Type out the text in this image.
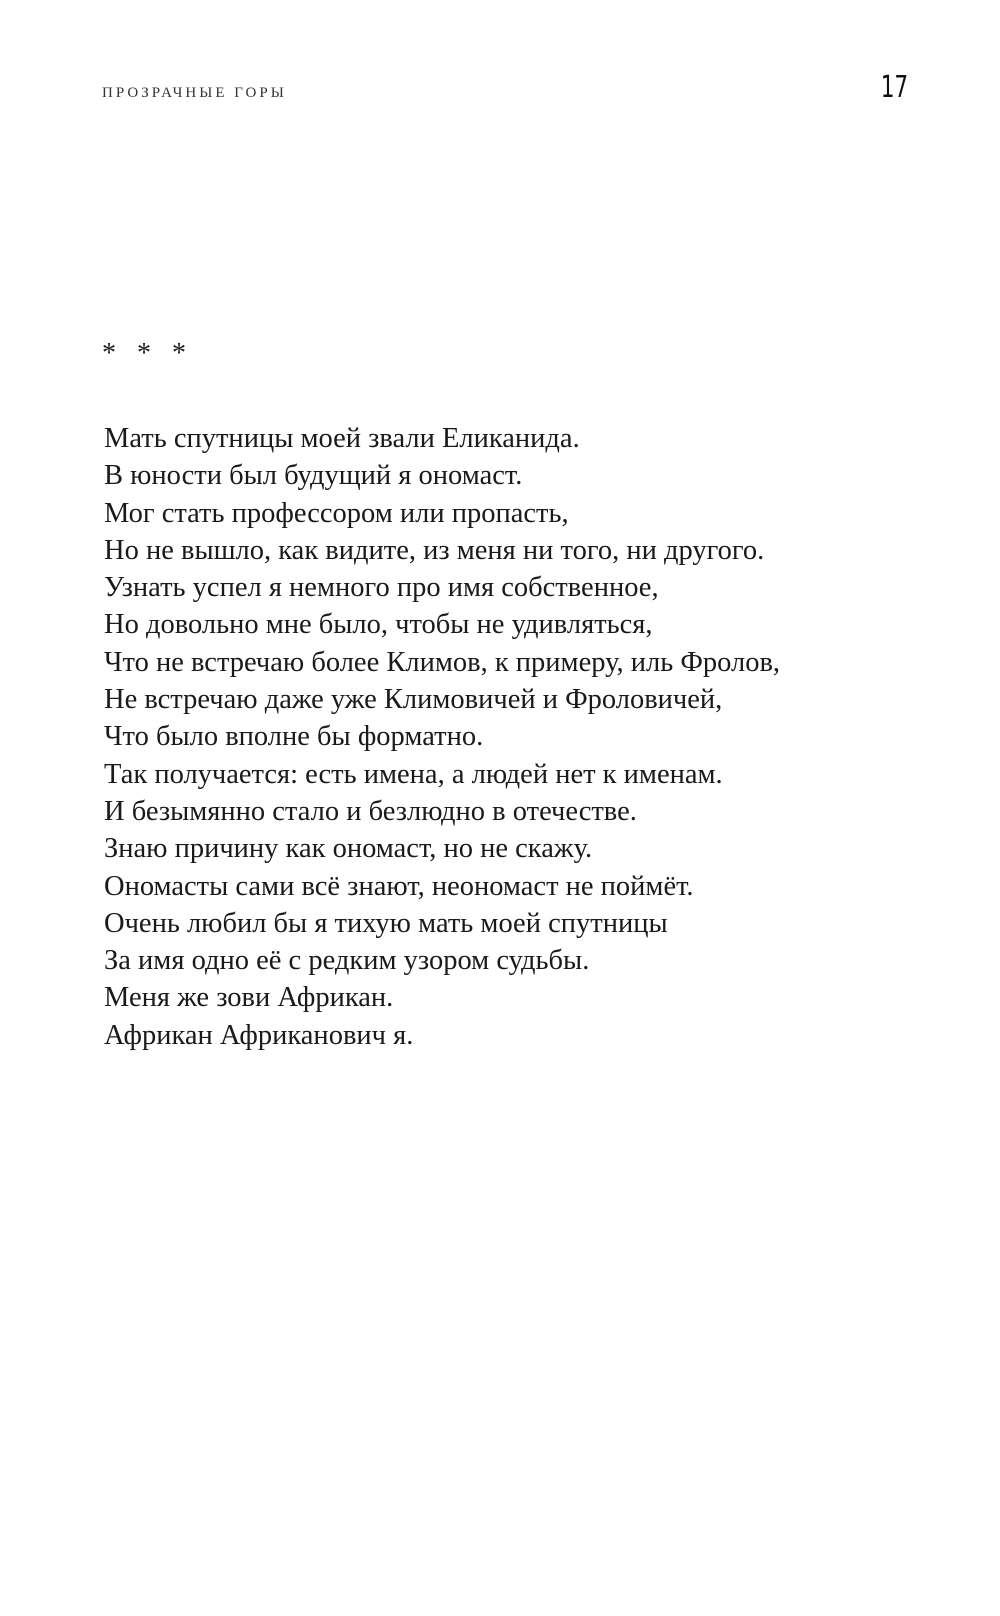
ПРОЗРАЧНЫЕ ГОРЫ	17
* * *
Мать спутницы моей звали Еликанида.
В юности был будущий я ономаст.
Мог стать профессором или пропасть,
Но не вышло, как видите, из меня ни того, ни другого.
Узнать успел я немного про имя собственное,
Но довольно мне было, чтобы не удивляться,
Что не встречаю более Климов, к примеру, иль Фролов,
Не встречаю даже уже Климовичей и Фроловичей,
Что было вполне бы форматно.
Так получается: есть имена, а людей нет к именам.
И безымянно стало и безлюдно в отечестве.
Знаю причину как ономаст, но не скажу.
Ономасты сами всё знают, неономаст не поймёт.
Очень любил бы я тихую мать моей спутницы
За имя одно её с редким узором судьбы.
Меня же зови Африкан.
Африкан Африканович я.
